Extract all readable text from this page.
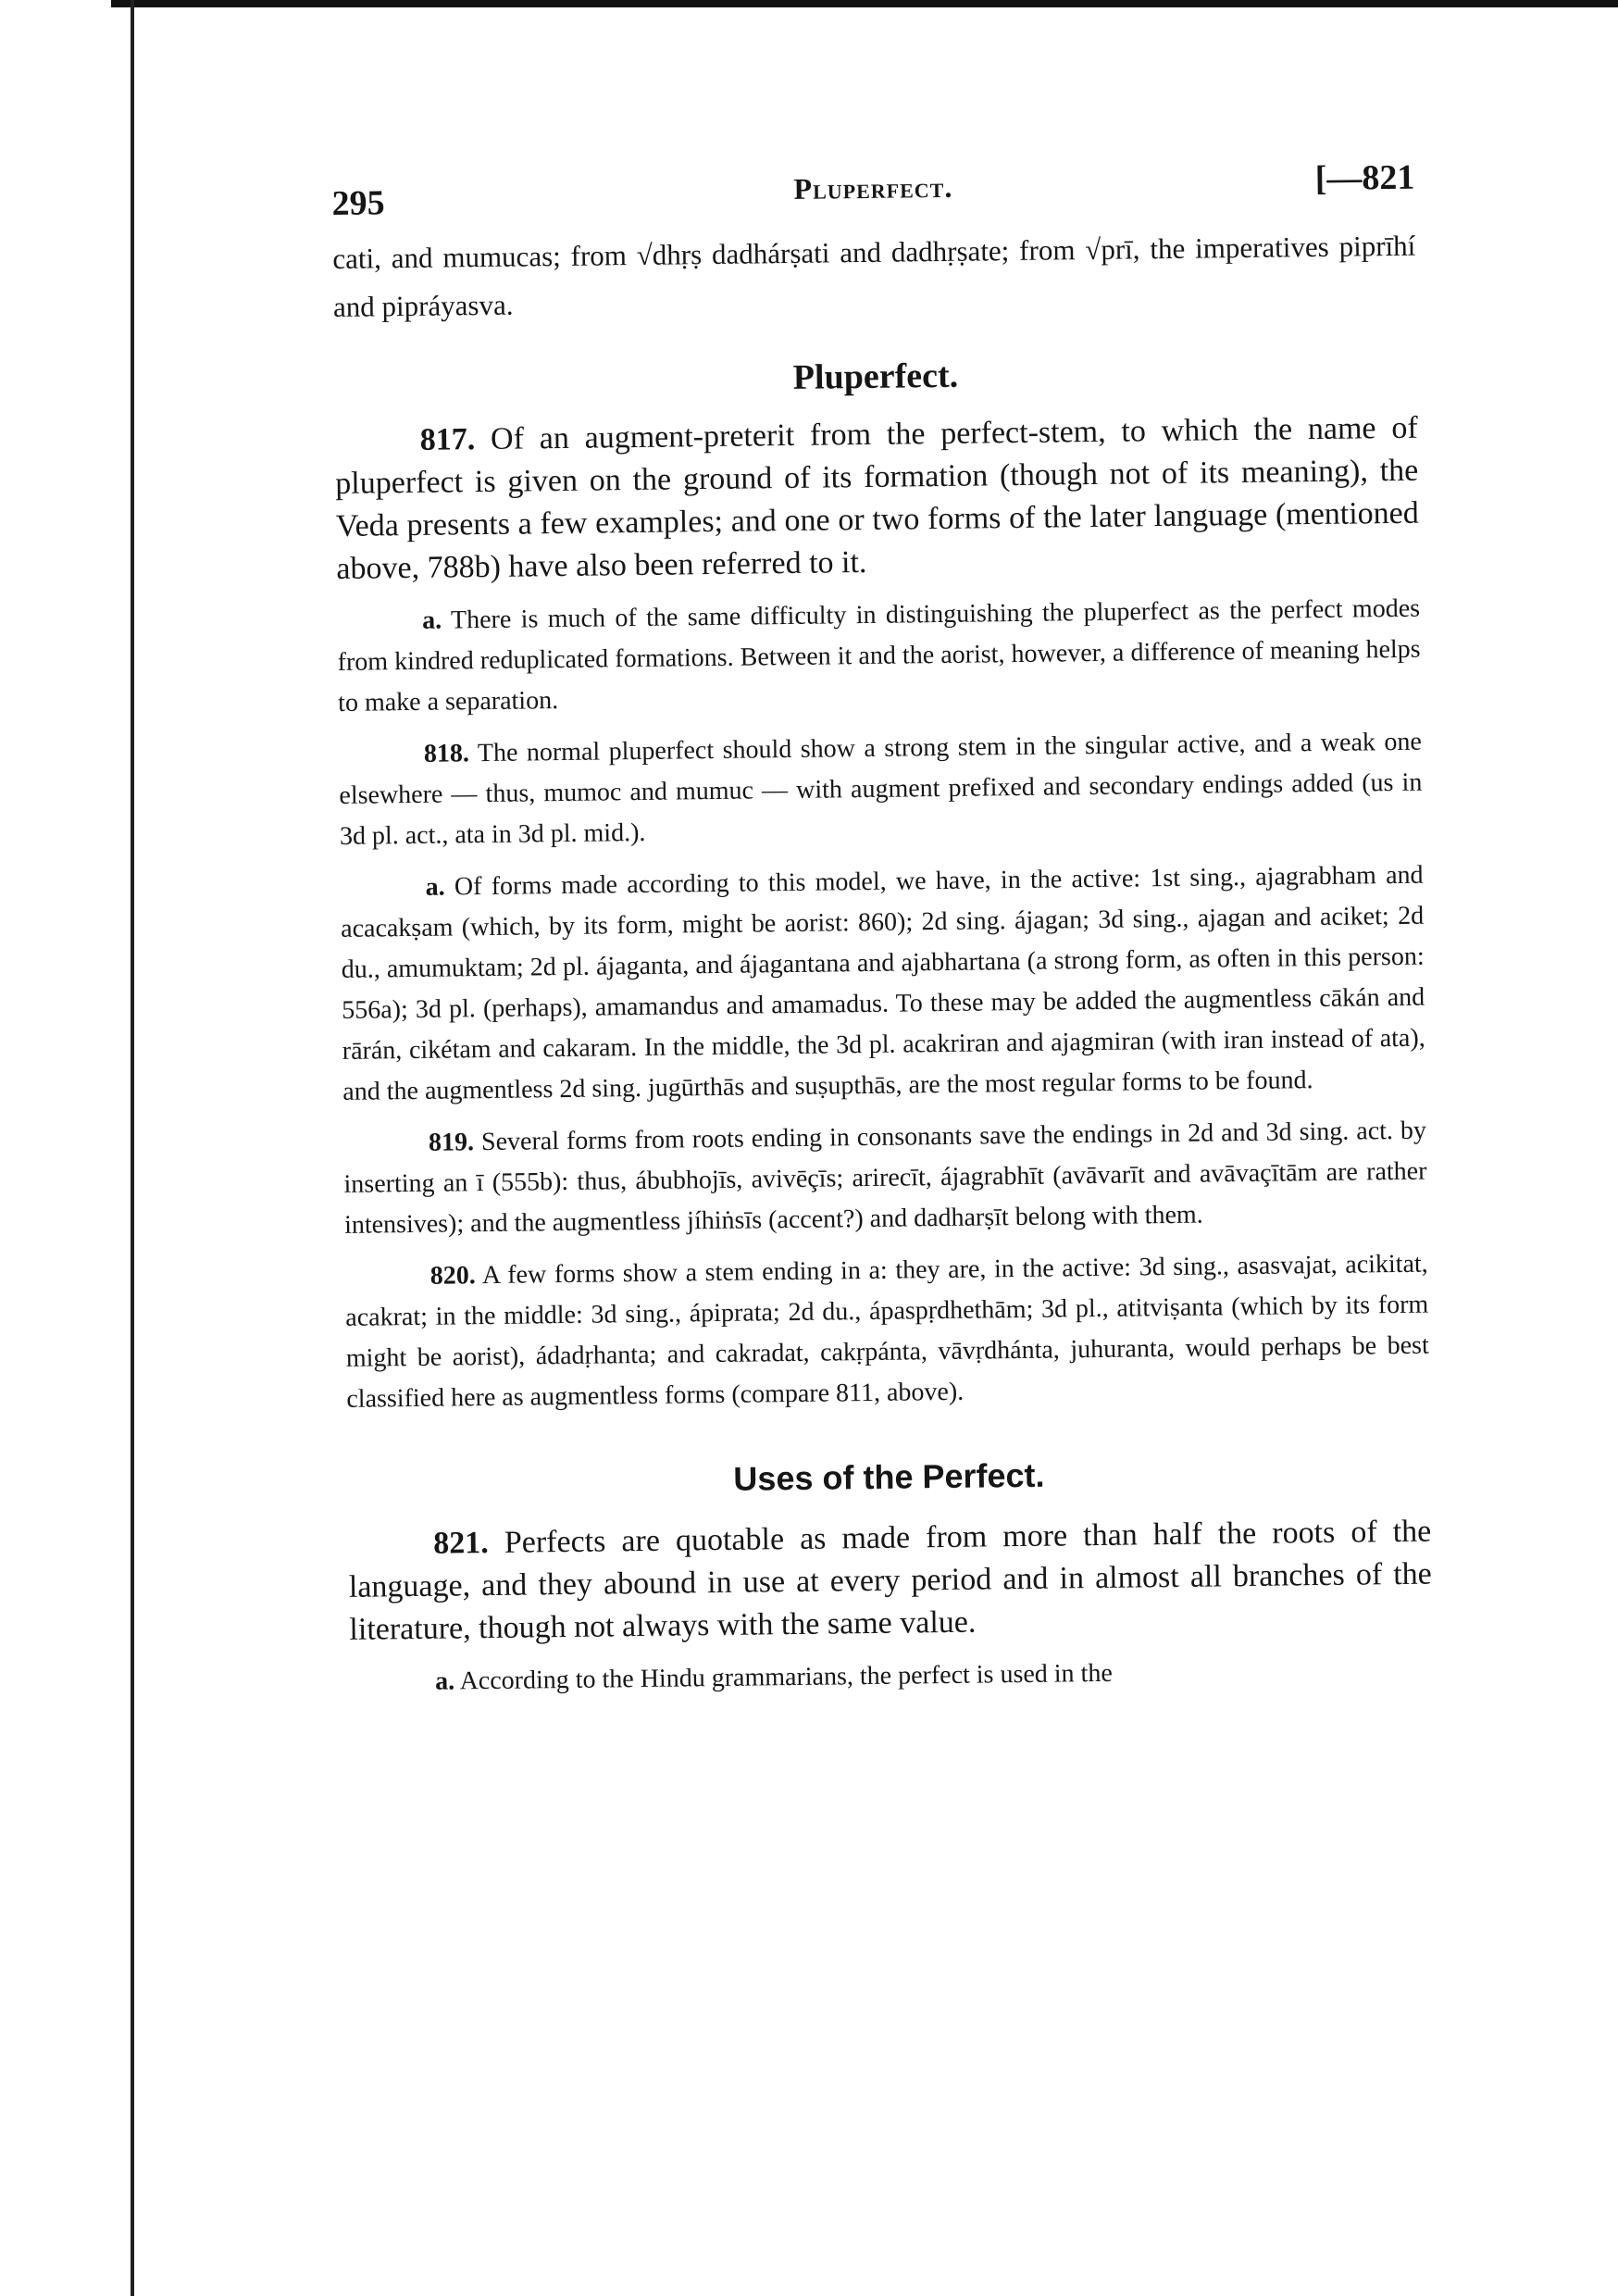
295	Pluperfect.	[—821

cati, and mumucas; from √dhṛṣ dadhárṣati and dadhṛṣate; from √prī, the imperatives piprīhí and pipráyasva.

Pluperfect.

817. Of an augment-preterit from the perfect-stem, to which the name of pluperfect is given on the ground of its formation (though not of its meaning), the Veda presents a few examples; and one or two forms of the later language (mentioned above, 788b) have also been referred to it.

a. There is much of the same difficulty in distinguishing the pluperfect as the perfect modes from kindred reduplicated formations. Between it and the aorist, however, a difference of meaning helps to make a separation.

818. The normal pluperfect should show a strong stem in the singular active, and a weak one elsewhere — thus, mumoc and mumuc — with augment prefixed and secondary endings added (us in 3d pl. act., ata in 3d pl. mid.).

a. Of forms made according to this model, we have, in the active: 1st sing., ajagrabham and acacakṣam (which, by its form, might be aorist: 860); 2d sing. ájagan; 3d sing., ajagan and aciket; 2d du., amumuktam; 2d pl. ájaganta, and ájagantana and ajabhartana (a strong form, as often in this person: 556a); 3d pl. (perhaps), amamandus and amamadus. To these may be added the augmentless cākán and rārán, cikétam and cakaram. In the middle, the 3d pl. acakriran and ajagmiran (with iran instead of ata), and the augmentless 2d sing. jugūrthās and suṣupthās, are the most regular forms to be found.

819. Several forms from roots ending in consonants save the endings in 2d and 3d sing. act. by inserting an ī (555b): thus, ábubhojīs, avivēçīs; arirecīt, ájagrabhīt (avāvarīt and avāvaçītām are rather intensives); and the augmentless jíhiṅsīs (accent?) and dadharṣīt belong with them.

820. A few forms show a stem ending in a: they are, in the active: 3d sing., asasvajat, acikitat, acakrat; in the middle: 3d sing., ápiprata; 2d du., ápaspṛdhethām; 3d pl., atitviṣanta (which by its form might be aorist), ádadṛhanta; and cakradat, cakṛpánta, vāvṛdhánta, juhuranta, would perhaps be best classified here as augmentless forms (compare 811, above).

Uses of the Perfect.

821. Perfects are quotable as made from more than half the roots of the language, and they abound in use at every period and in almost all branches of the literature, though not always with the same value.

a. According to the Hindu grammarians, the perfect is used in the
